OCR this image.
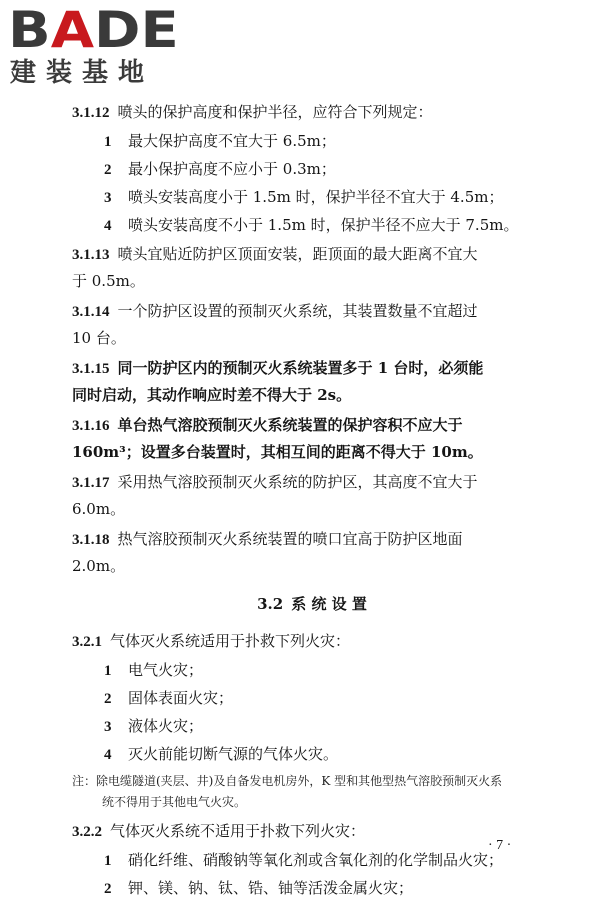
BADE
建装基地
3.1.12 喷头的保护高度和保护半径，应符合下列规定：
1 最大保护高度不宜大于 6.5m；
2 最小保护高度不应小于 0.3m；
3 喷头安装高度小于 1.5m 时，保护半径不宜大于 4.5m；
4 喷头安装高度不小于 1.5m 时，保护半径不应大于 7.5m。
3.1.13 喷头宜贴近防护区顶面安装，距顶面的最大距离不宜大
于 0.5m。
3.1.14 一个防护区设置的预制灭火系统，其装置数量不宜超过
10 台。
3.1.15 同一防护区内的预制灭火系统装置多于 1 台时，必须能
同时启动，其动作响应时差不得大于 2s。
3.1.16 单台热气溶胶预制灭火系统装置的保护容积不应大于
160m³；设置多台装置时，其相互间的距离不得大于 10m。
3.1.17 采用热气溶胶预制灭火系统的防护区，其高度不宜大于
6.0m。
3.1.18 热气溶胶预制灭火系统装置的喷口宜高于防护区地面
2.0m。
3.2 系 统 设 置
3.2.1 气体灭火系统适用于扑救下列火灾：
1 电气火灾；
2 固体表面火灾；
3 液体火灾；
4 灭火前能切断气源的气体火灾。
注：除电缆隧道(夹层、井)及自备发电机房外，K 型和其他型热气溶胶预制灭火系
统不得用于其他电气火灾。
3.2.2 气体灭火系统不适用于扑救下列火灾：
1 硝化纤维、硝酸钠等氧化剂或含氧化剂的化学制品火灾；
2 钾、镁、钠、钛、锆、铀等活泼金属火灾；
· 7 ·
